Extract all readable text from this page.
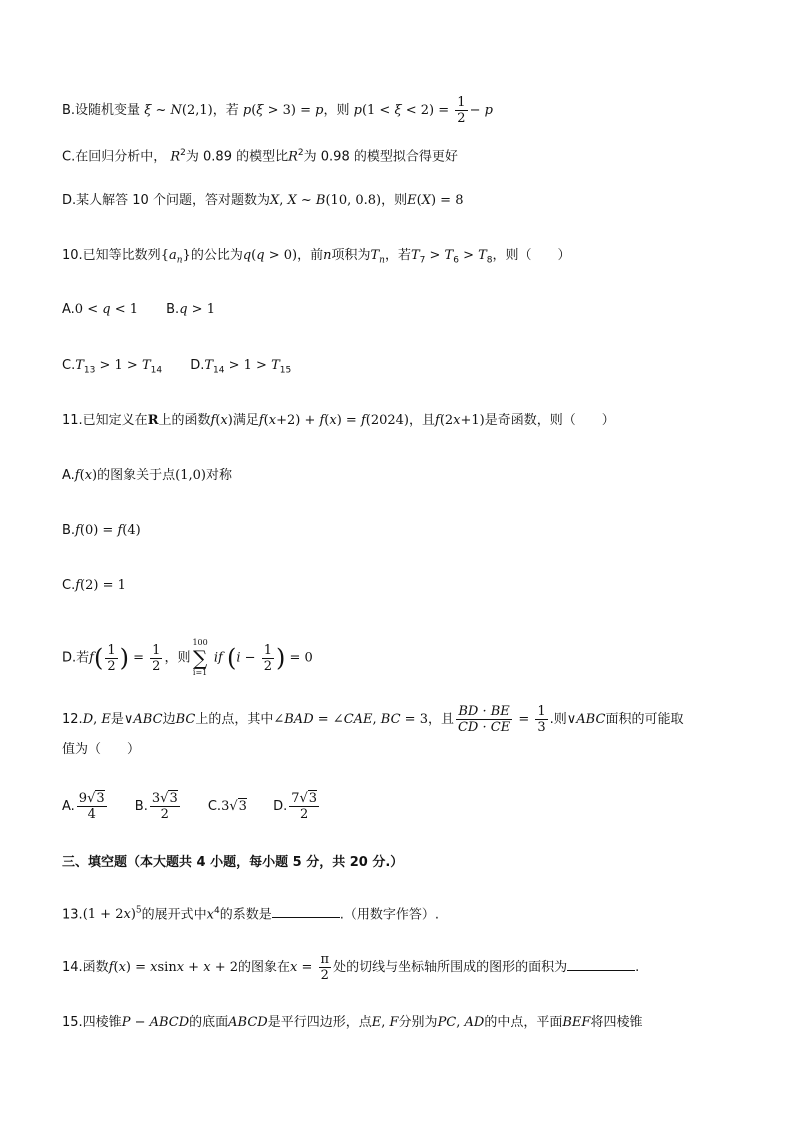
B.设随机变量 ξ ~ N(2,1)，若 p(ξ > 3) = p，则 $p(1 < \xi < 2) = \frac{1}{2} - p$
C.在回归分析中， $R^2$为 0.89 的模型比$R^2$为 0.98 的模型拟合得更好
D.某人解答 10 个问题，答对题数为X, X ~ B(10, 0.8)，则E(X) = 8
10.已知等比数列$\{a_n\}$的公比为q(q > 0)，前n项积为$T_n$，若$T_7 > T_6 > T_8$，则（　　）
A.0 < q < 1 B.q > 1
$C.T_{13} > 1 > T_{14}$ $D.T_{14} > 1 > T_{15}$
11.已知定义在R上的函数f(x)满足f(x+2) + f(x) = f(2024)，且f(2x+1)是奇函数，则（　　）
A.f(x)的图象关于点(1,0)对称
B.f(0) = f(4)
C.f(2) = 1
D.若$f( \frac{1}{2}$ ) = $\frac{1}{2}$ ，则
100
∑
i=1
if ($i - \frac{1}{2}$ ) = 0
12.D, E是∨ABC边BC上的点，其中∠BAD = ∠CAE, BC = 3，且 $\frac{BD \cdot BE}{CD \cdot CE} = \frac{1}{3}$ .则∨ABC面积的可能取
值为（　　）
A. $\frac{9√3}{4} B$. $\frac{3√3}{2} C.3√3$ D. $\frac{7√3}{2}$
三、填空题（本大题共 4 小题，每小题 5 分，共 20 分.）
$13.(1 + 2x)^5$的展开式中$x^4$的系数是	.（用数字作答）.
14.函数f(x) = xsinx + x + 2的图象在$x = \frac{\pi}{2}$ 处的切线与坐标轴所围成的图形的面积为	.
15.四棱锥P − ABCD的底面ABCD是平行四边形，点E, F分别为PC, AD的中点，平面BEF将四棱锥
